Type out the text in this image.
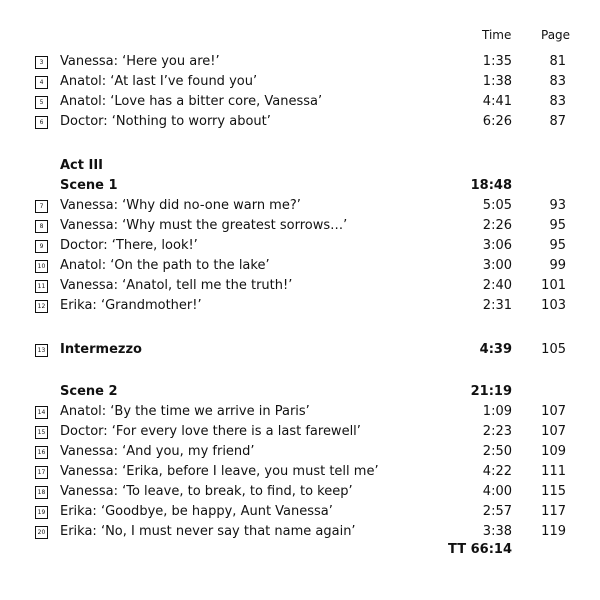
Time Page
3	Vanessa: ‘Here you are!’	1:35	81
4	Anatol: ‘At last I’ve found you’	1:38	83
5	Anatol: ‘Love has a bitter core, Vanessa’	4:41	83
6	Doctor: ‘Nothing to worry about’	6:26	87
Act III
Scene 1	18:48
7	Vanessa: ‘Why did no-one warn me?’	5:05	93
8	Vanessa: ‘Why must the greatest sorrows…’	2:26	95
9	Doctor: ‘There, look!’	3:06	95
10 Anatol: ‘On the path to the lake’	3:00	99
11 Vanessa: ‘Anatol, tell me the truth!’	2:40 101
12 Erika: ‘Grandmother!’	2:31 103
13 Intermezzo	4:39 105
Scene 2	21:19
14 Anatol: ‘By the time we arrive in Paris’	1:09 107
15 Doctor: ‘For every love there is a last farewell’	2:23 107
16 Vanessa: ‘And you, my friend’	2:50 109
17 Vanessa: ‘Erika, before I leave, you must tell me’	4:22 111
18 Vanessa: ‘To leave, to break, to find, to keep’	4:00 115
19 Erika: ‘Goodbye, be happy, Aunt Vanessa’	2:57 117
20 Erika: ‘No, I must never say that name again’	3:38 119
TT 66:14
